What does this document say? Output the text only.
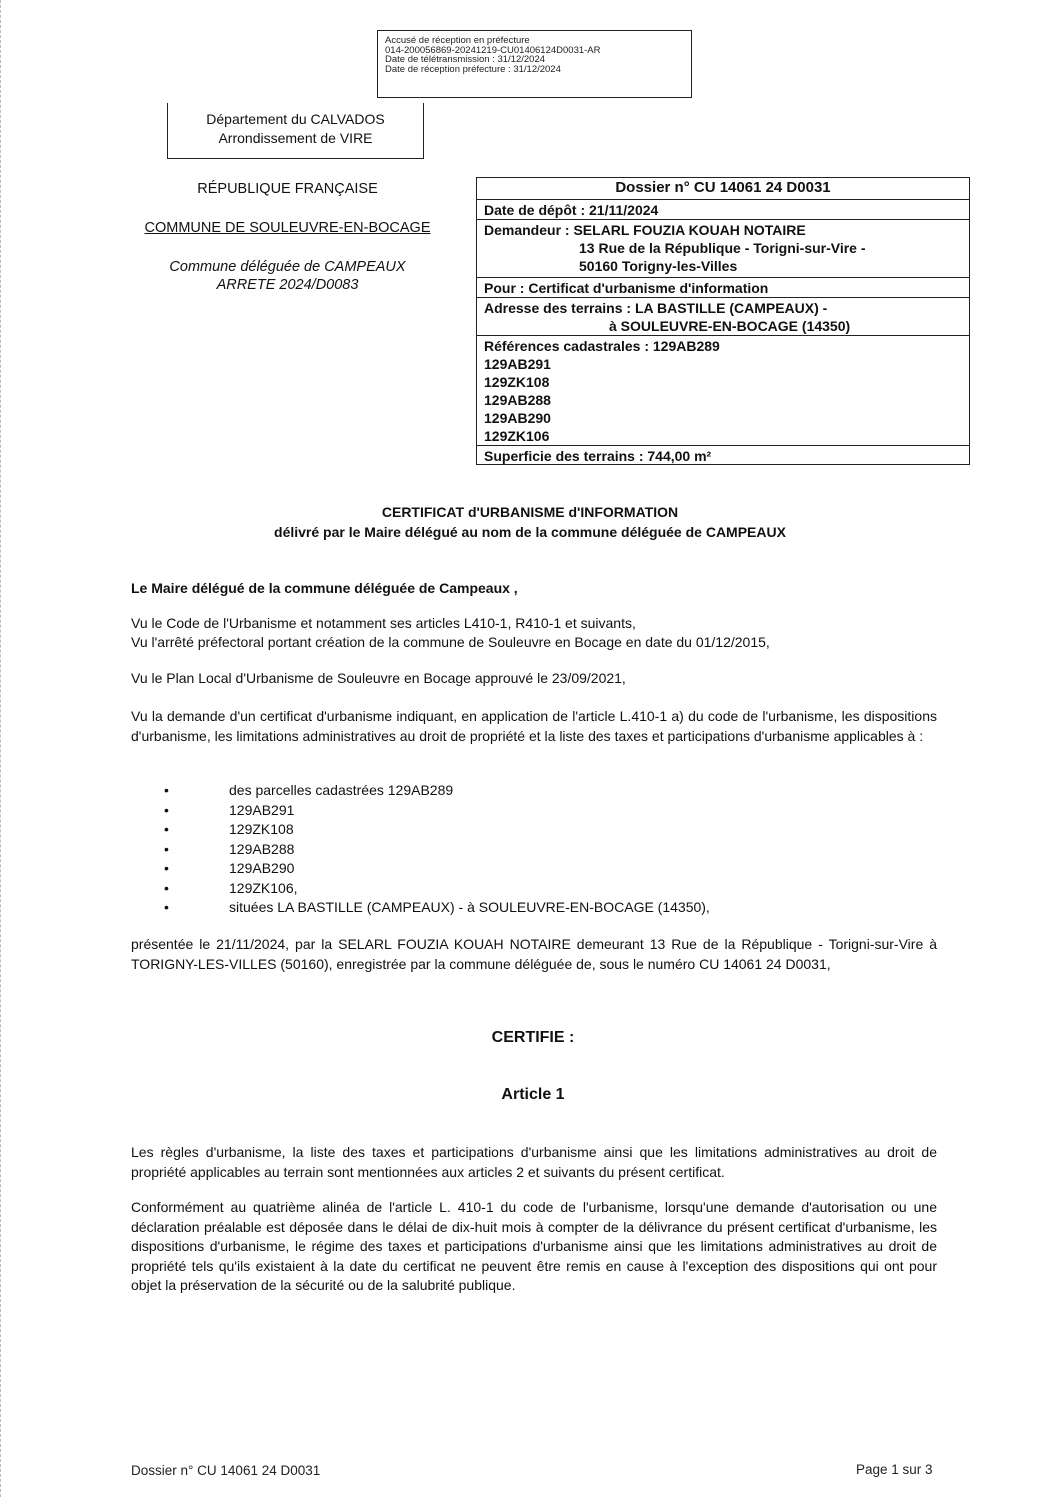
Accusé de réception en préfecture
014-200056869-20241219-CU01406124D0031-AR
Date de télétransmission : 31/12/2024
Date de réception préfecture : 31/12/2024
Département du CALVADOS
Arrondissement de VIRE
RÉPUBLIQUE FRANÇAISE
COMMUNE DE SOULEUVRE-EN-BOCAGE
Commune déléguée de CAMPEAUX
ARRETE 2024/D0083
Dossier n° CU 14061 24 D0031
Date de dépôt : 21/11/2024
Demandeur : SELARL FOUZIA KOUAH NOTAIRE
13 Rue de la République - Torigni-sur-Vire -
50160 Torigny-les-Villes
Pour : Certificat d'urbanisme d'information
Adresse des terrains : LA BASTILLE (CAMPEAUX) -
à SOULEUVRE-EN-BOCAGE (14350)
Références cadastrales : 129AB289
129AB291
129ZK108
129AB288
129AB290
129ZK106
Superficie des terrains : 744,00 m²
CERTIFICAT d'URBANISME d'INFORMATION
délivré par le Maire délégué au nom de la commune déléguée de CAMPEAUX
Le Maire délégué de la commune déléguée de Campeaux ,
Vu le Code de l'Urbanisme et notamment ses articles L410-1, R410-1 et suivants,
Vu l'arrêté préfectoral portant création de la commune de Souleuvre en Bocage en date du 01/12/2015,
Vu le Plan Local d'Urbanisme de Souleuvre en Bocage approuvé le 23/09/2021,
Vu la demande d'un certificat d'urbanisme indiquant, en application de l'article L.410-1 a) du code de l'urbanisme, les dispositions d'urbanisme, les limitations administratives au droit de propriété et la liste des taxes et participations d'urbanisme applicables à :
•	des parcelles cadastrées 129AB289
•	129AB291
•	129ZK108
•	129AB288
•	129AB290
•	129ZK106,
•	situées LA BASTILLE (CAMPEAUX) - à SOULEUVRE-EN-BOCAGE (14350),
présentée le 21/11/2024, par la SELARL FOUZIA KOUAH NOTAIRE demeurant 13 Rue de la République - Torigni-sur-Vire à TORIGNY-LES-VILLES (50160), enregistrée par la commune déléguée de, sous le numéro CU 14061 24 D0031,
CERTIFIE :
Article 1
Les règles d'urbanisme, la liste des taxes et participations d'urbanisme ainsi que les limitations administratives au droit de propriété applicables au terrain sont mentionnées aux articles 2 et suivants du présent certificat.
Conformément au quatrième alinéa de l'article L. 410-1 du code de l'urbanisme, lorsqu'une demande d'autorisation ou une déclaration préalable est déposée dans le délai de dix-huit mois à compter de la délivrance du présent certificat d'urbanisme, les dispositions d'urbanisme, le régime des taxes et participations d'urbanisme ainsi que les limitations administratives au droit de propriété tels qu'ils existaient à la date du certificat ne peuvent être remis en cause à l'exception des dispositions qui ont pour objet la préservation de la sécurité ou de la salubrité publique.
Dossier n° CU 14061 24 D0031	Page 1 sur 3
